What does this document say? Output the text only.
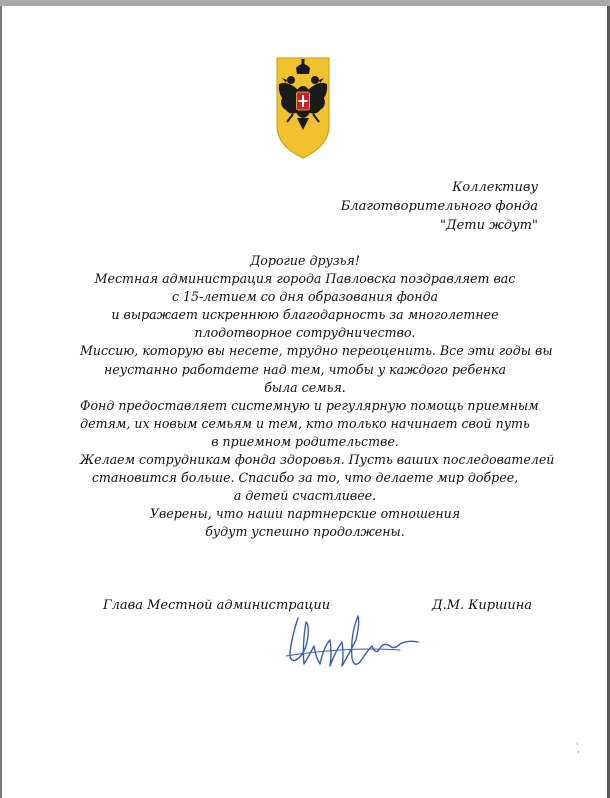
Коллективу
Благотворительного фонда
"Дети ждут"
Дорогие друзья!
Местная администрация города Павловска поздравляет вас
с 15-летием со дня образования фонда
и выражает искреннюю благодарность за многолетнее
плодотворное сотрудничество.
Миссию, которую вы несете, трудно переоценить. Все эти годы вы
неустанно работаете над тем, чтобы у каждого ребенка
была семья.
Фонд предоставляет системную и регулярную помощь приемным
детям, их новым семьям и тем, кто только начинает свой путь
в приемном родительстве.
Желаем сотрудникам фонда здоровья. Пусть ваших последователей
становится больше. Спасибо за то, что делаете мир добрее,
а детей счастливее.
Уверены, что наши партнерские отношения
будут успешно продолжены.
Глава Местной администрации	Д.М. Киршина
·
·
